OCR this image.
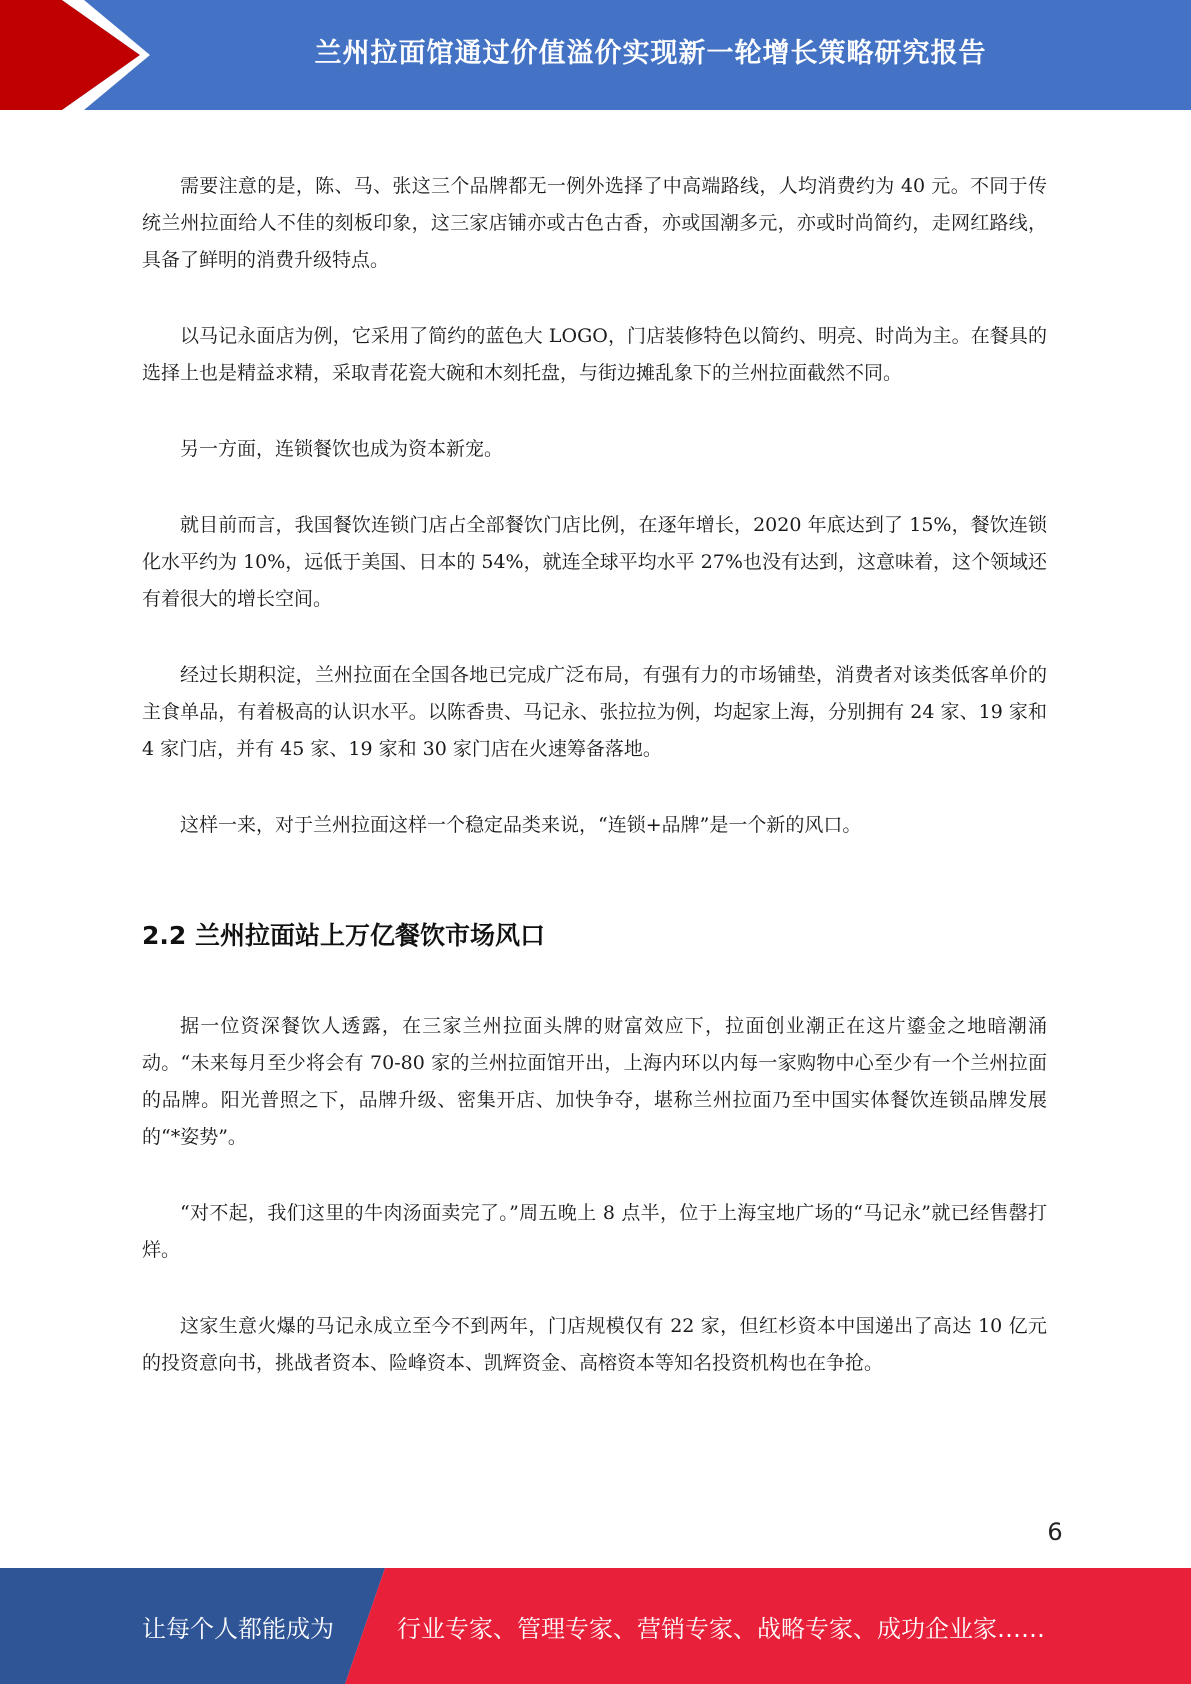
兰州拉面馆通过价值溢价实现新一轮增长策略研究报告

需要注意的是，陈、马、张这三个品牌都无一例外选择了中高端路线，人均消费约为 40 元。不同于传统兰州拉面给人不佳的刻板印象，这三家店铺亦或古色古香，亦或国潮多元，亦或时尚简约，走网红路线，具备了鲜明的消费升级特点。

以马记永面店为例，它采用了简约的蓝色大 LOGO，门店装修特色以简约、明亮、时尚为主。在餐具的选择上也是精益求精，采取青花瓷大碗和木刻托盘，与街边摊乱象下的兰州拉面截然不同。

另一方面，连锁餐饮也成为资本新宠。

就目前而言，我国餐饮连锁门店占全部餐饮门店比例，在逐年增长，2020 年底达到了 15%，餐饮连锁化水平约为 10%，远低于美国、日本的 54%，就连全球平均水平 27%也没有达到，这意味着，这个领域还有着很大的增长空间。

经过长期积淀，兰州拉面在全国各地已完成广泛布局，有强有力的市场铺垫，消费者对该类低客单价的主食单品，有着极高的认识水平。以陈香贵、马记永、张拉拉为例，均起家上海，分别拥有 24 家、19 家和 4 家门店，并有 45 家、19 家和 30 家门店在火速筹备落地。

这样一来，对于兰州拉面这样一个稳定品类来说，“连锁+品牌”是一个新的风口。

2.2 兰州拉面站上万亿餐饮市场风口

据一位资深餐饮人透露，在三家兰州拉面头牌的财富效应下，拉面创业潮正在这片鎏金之地暗潮涌动。“未来每月至少将会有 70-80 家的兰州拉面馆开出，上海内环以内每一家购物中心至少有一个兰州拉面的品牌。阳光普照之下，品牌升级、密集开店、加快争夺，堪称兰州拉面乃至中国实体餐饮连锁品牌发展的“*姿势”。

“对不起，我们这里的牛肉汤面卖完了。”周五晚上 8 点半，位于上海宝地广场的“马记永”就已经售罄打烊。

这家生意火爆的马记永成立至今不到两年，门店规模仅有 22 家，但红杉资本中国递出了高达 10 亿元的投资意向书，挑战者资本、险峰资本、凯辉资金、高榕资本等知名投资机构也在争抢。

6
让每个人都能成为	行业专家、管理专家、营销专家、战略专家、成功企业家……
